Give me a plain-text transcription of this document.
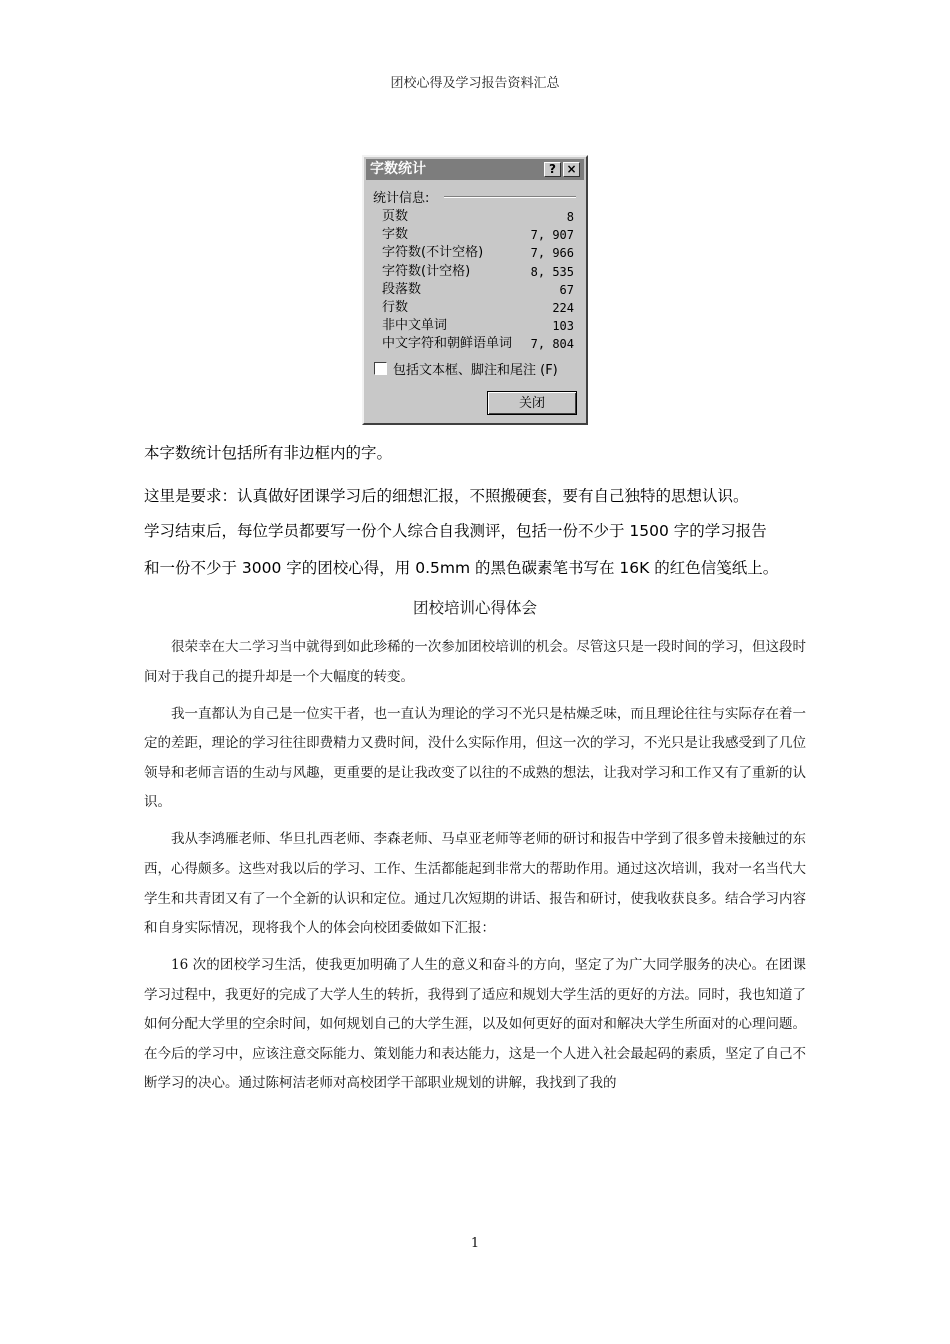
团校心得及学习报告资料汇总
字数统计	? ×
统计信息:
页数	8
字数	7, 907
字符数(不计空格)	7, 966
字符数(计空格)	8, 535
段落数	67
行数	224
非中文单词	103
中文字符和朝鲜语单词 7, 804
包括文本框、脚注和尾注 (F)
关闭
本字数统计包括所有非边框内的字。
这里是要求：认真做好团课学习后的细想汇报，不照搬硬套，要有自己独特的思想认识。
学习结束后，每位学员都要写一份个人综合自我测评，包括一份不少于 1500 字的学习报告
和一份不少于 3000 字的团校心得，用 0.5mm 的黑色碳素笔书写在 16K 的红色信笺纸上。
团校培训心得体会

很荣幸在大二学习当中就得到如此珍稀的一次参加团校培训的机会。尽管这只是一段时间的学习，但这段时间对于我自己的提升却是一个大幅度的转变。

我一直都认为自己是一位实干者，也一直认为理论的学习不光只是枯燥乏味，而且理论往往与实际存在着一定的差距，理论的学习往往即费精力又费时间，没什么实际作用，但这一次的学习，不光只是让我感受到了几位领导和老师言语的生动与风趣，更重要的是让我改变了以往的不成熟的想法，让我对学习和工作又有了重新的认识。

我从李鸿雁老师、华旦扎西老师、李森老师、马卓亚老师等老师的研讨和报告中学到了很多曾未接触过的东西，心得颇多。这些对我以后的学习、工作、生活都能起到非常大的帮助作用。通过这次培训，我对一名当代大学生和共青团又有了一个全新的认识和定位。通过几次短期的讲话、报告和研讨，使我收获良多。结合学习内容和自身实际情况，现将我个人的体会向校团委做如下汇报：

16 次的团校学习生活，使我更加明确了人生的意义和奋斗的方向，坚定了为广大同学服务的决心。在团课学习过程中，我更好的完成了大学人生的转折，我得到了适应和规划大学生活的更好的方法。同时，我也知道了如何分配大学里的空余时间，如何规划自己的大学生涯，以及如何更好的面对和解决大学生所面对的心理问题。在今后的学习中，应该注意交际能力、策划能力和表达能力，这是一个人进入社会最起码的素质，坚定了自己不断学习的决心。通过陈柯洁老师对高校团学干部职业规划的讲解，我找到了我的

1
